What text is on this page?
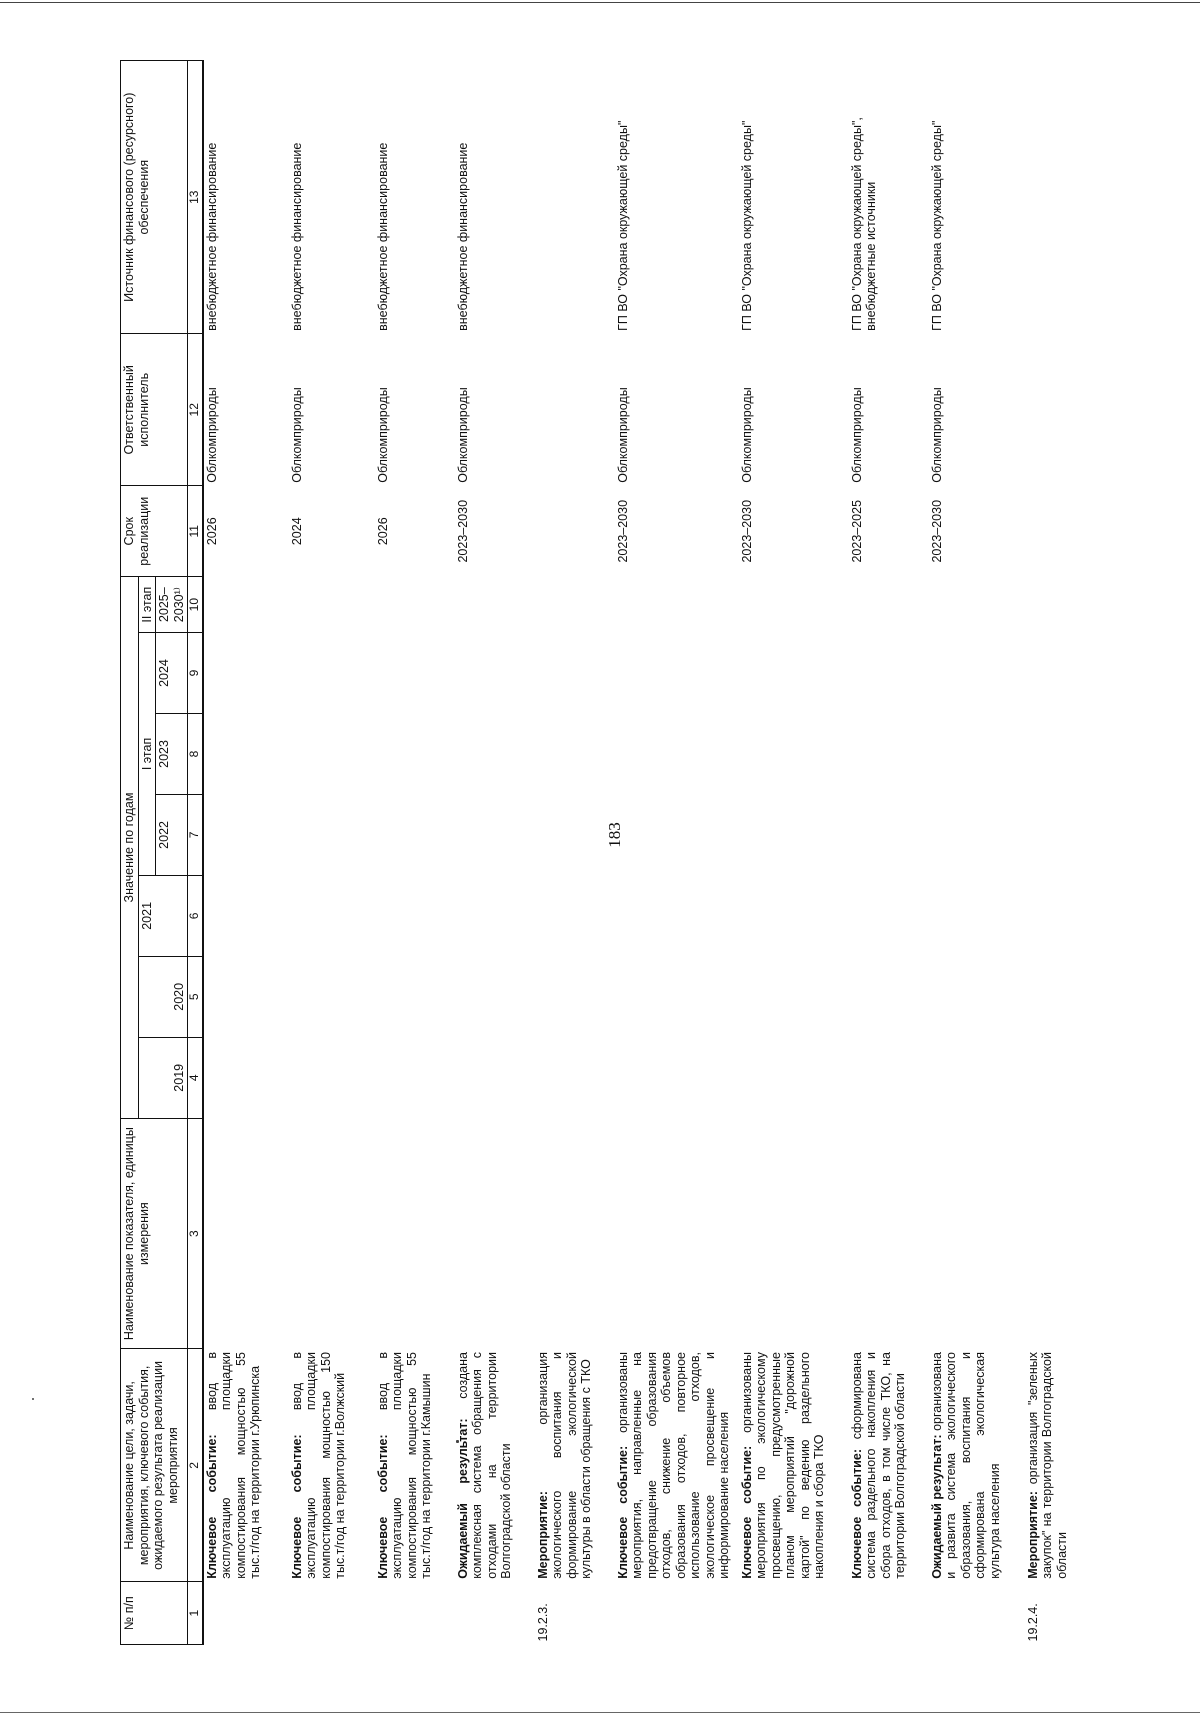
183
№ п/п	Наименование цели, задачи, мероприятия, ключевого события, ожидаемого результата реализации мероприятия	Наименование показателя, единицы измерения	Значение по годам							Срок реализации	Ответственный исполнитель	Источник финансового (ресурсного) обеспечения
			2019	2020	2021	I этап			II этап			
						2022	2023	2024	2025–2030¹⁾			

1	2	3	4	5	6	7	8	9	10	11	12	13
	Ключевое событие: ввод в эксплуатацию площадки компостирования мощностью 55 тыс.т/год на территории г.Урюпинска									2026	Облкомприроды	внебюджетное финансирование
	Ключевое событие: ввод в эксплуатацию площадки компостирования мощностью 150 тыс.т/год на территории г.Волжский									2024	Облкомприроды	внебюджетное финансирование
	Ключевое событие: ввод в эксплуатацию площадки компостирования мощностью 55 тыс.т/год на территории г.Камышин									2026	Облкомприроды	внебюджетное финансирование
	Ожидаемый результат: создана комплексная система обращения с отходами на территории Волгоградской области									2023–2030	Облкомприроды	внебюджетное финансирование
19.2.3.	Мероприятие: организация экологического воспитания и формирование экологической культуры в области обращения с ТКО											
	Ключевое событие: организованы мероприятия, направленные на предотвращение образования отходов, снижение объемов образования отходов, повторное использование отходов, экологическое просвещение и информирование населения									2023–2030	Облкомприроды	ГП ВО "Охрана окружающей среды"
	Ключевое событие: организованы мероприятия по экологическому просвещению, предусмотренные планом мероприятий "дорожной картой" по ведению раздельного накопления и сбора ТКО									2023–2030	Облкомприроды	ГП ВО "Охрана окружающей среды"
	Ключевое событие: сформирована система раздельного накопления и сбора отходов, в том числе ТКО, на территории Волгоградской области									2023–2025	Облкомприроды	ГП ВО "Охрана окружающей среды", внебюджетные источники
	Ожидаемый результат: организована и развита система экологического образования, воспитания и сформирована экологическая культура населения									2023–2030	Облкомприроды	ГП ВО "Охрана окружающей среды"
19.2.4.	Мероприятие: организация "зеленых закупок" на территории Волгоградской области											
